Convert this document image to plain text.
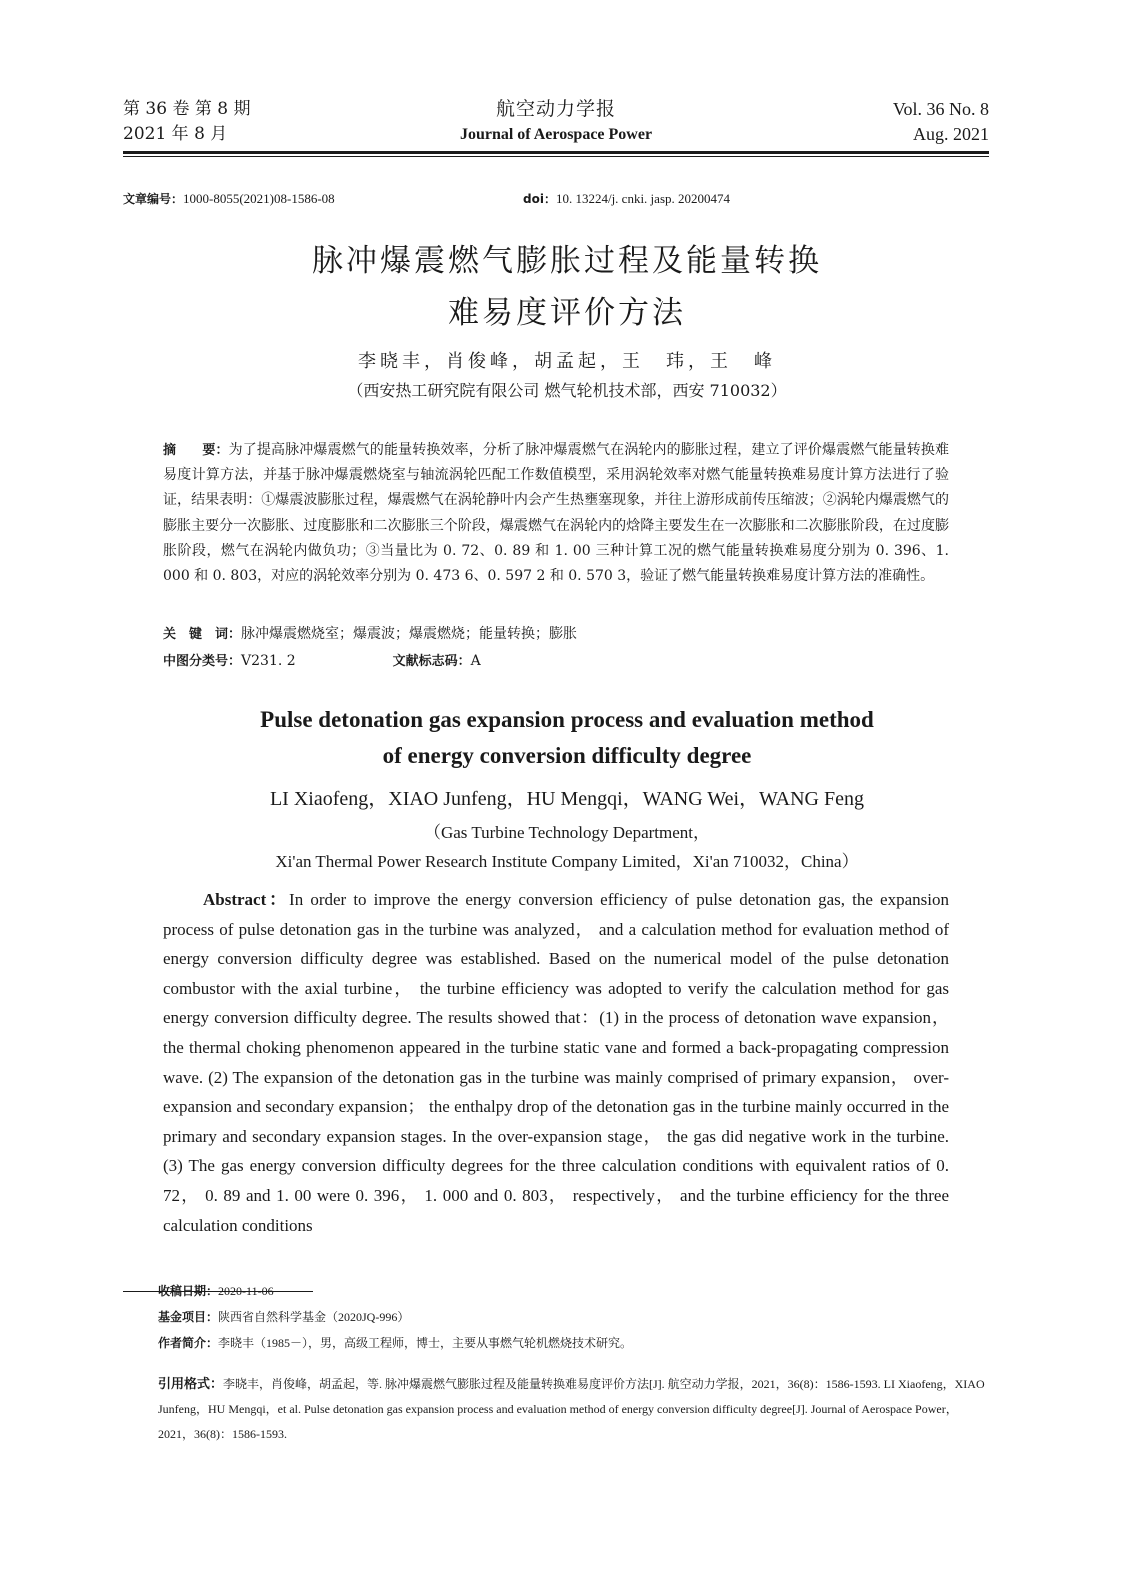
第 36 卷 第 8 期
2021 年 8 月
航空动力学报
Journal of Aerospace Power
Vol. 36 No. 8
Aug. 2021
文章编号：1000-8055(2021)08-1586-08	doi：10. 13224/j. cnki. jasp. 20200474
脉冲爆震燃气膨胀过程及能量转换
难易度评价方法
李晓丰，肖俊峰，胡孟起，王　玮，王　峰
（西安热工研究院有限公司 燃气轮机技术部，西安 710032）
摘　　要：为了提高脉冲爆震燃气的能量转换效率，分析了脉冲爆震燃气在涡轮内的膨胀过程，建立了评价爆震燃气能量转换难易度计算方法，并基于脉冲爆震燃烧室与轴流涡轮匹配工作数值模型，采用涡轮效率对燃气能量转换难易度计算方法进行了验证，结果表明：①爆震波膨胀过程，爆震燃气在涡轮静叶内会产生热壅塞现象，并往上游形成前传压缩波；②涡轮内爆震燃气的膨胀主要分一次膨胀、过度膨胀和二次膨胀三个阶段，爆震燃气在涡轮内的焓降主要发生在一次膨胀和二次膨胀阶段，在过度膨胀阶段，燃气在涡轮内做负功；③当量比为 0. 72、0. 89 和 1. 00 三种计算工况的燃气能量转换难易度分别为 0. 396、1. 000 和 0. 803，对应的涡轮效率分别为 0. 473 6、0. 597 2 和 0. 570 3，验证了燃气能量转换难易度计算方法的准确性。
关　键　词：脉冲爆震燃烧室；爆震波；爆震燃烧；能量转换；膨胀
中图分类号：V231. 2	文献标志码：A
Pulse detonation gas expansion process and evaluation method
of energy conversion difficulty degree
LI Xiaofeng，XIAO Junfeng，HU Mengqi，WANG Wei，WANG Feng
（Gas Turbine Technology Department，
Xi'an Thermal Power Research Institute Company Limited，Xi'an 710032，China）
Abstract：In order to improve the energy conversion efficiency of pulse detonation gas, the expansion process of pulse detonation gas in the turbine was analyzed， and a calculation method for evaluation method of energy conversion difficulty degree was established. Based on the numerical model of the pulse detonation combustor with the axial turbine， the turbine efficiency was adopted to verify the calculation method for gas energy conversion difficulty degree. The results showed that：(1) in the process of detonation wave expansion， the thermal choking phenomenon appeared in the turbine static vane and formed a back-propagating compression wave. (2) The expansion of the detonation gas in the turbine was mainly comprised of primary expansion， over-expansion and secondary expansion； the enthalpy drop of the detonation gas in the turbine mainly occurred in the primary and secondary expansion stages. In the over-expansion stage， the gas did negative work in the turbine. (3) The gas energy conversion difficulty degrees for the three calculation conditions with equivalent ratios of 0. 72， 0. 89 and 1. 00 were 0. 396， 1. 000 and 0. 803， respectively， and the turbine efficiency for the three calculation conditions
收稿日期：2020-11-06
基金项目：陕西省自然科学基金（2020JQ-996）
作者简介：李晓丰（1985－），男，高级工程师，博士，主要从事燃气轮机燃烧技术研究。
引用格式：李晓丰，肖俊峰，胡孟起，等. 脉冲爆震燃气膨胀过程及能量转换难易度评价方法[J]. 航空动力学报，2021，36(8)：1586-1593. LI Xiaofeng，XIAO Junfeng，HU Mengqi，et al. Pulse detonation gas expansion process and evaluation method of energy conversion difficulty degree[J]. Journal of Aerospace Power，2021，36(8)：1586-1593.
